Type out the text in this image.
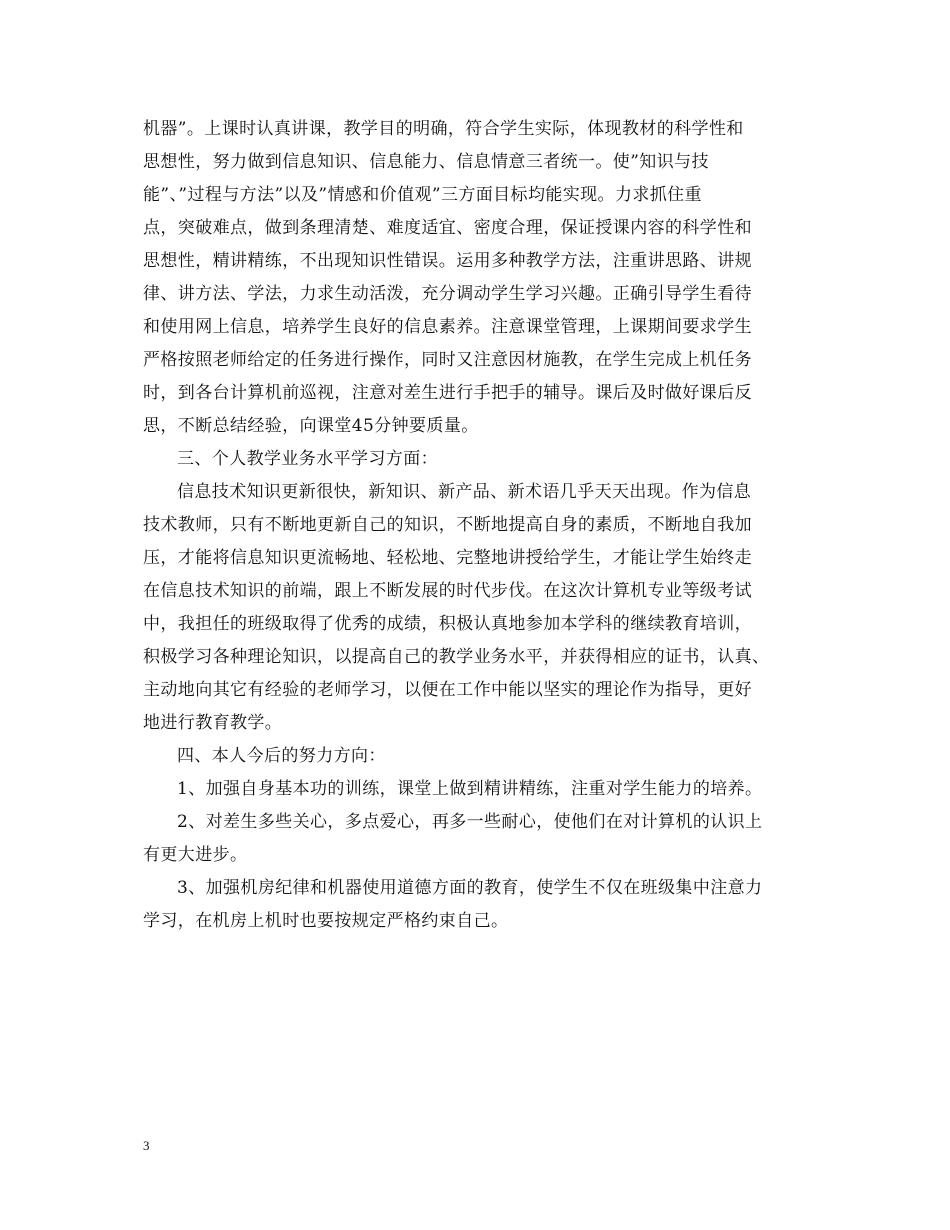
机器”。上课时认真讲课，教学目的明确，符合学生实际，体现教材的科学性和
思想性，努力做到信息知识、信息能力、信息情意三者统一。使”知识与技
能”、”过程与方法”以及”情感和价值观”三方面目标均能实现。力求抓住重
点，突破难点，做到条理清楚、难度适宜、密度合理，保证授课内容的科学性和
思想性，精讲精练，不出现知识性错误。运用多种教学方法，注重讲思路、讲规
律、讲方法、学法，力求生动活泼，充分调动学生学习兴趣。正确引导学生看待
和使用网上信息，培养学生良好的信息素养。注意课堂管理，上课期间要求学生
严格按照老师给定的任务进行操作，同时又注意因材施教，在学生完成上机任务
时，到各台计算机前巡视，注意对差生进行手把手的辅导。课后及时做好课后反
思，不断总结经验，向课堂45分钟要质量。
三、个人教学业务水平学习方面：
信息技术知识更新很快，新知识、新产品、新术语几乎天天出现。作为信息
技术教师，只有不断地更新自己的知识，不断地提高自身的素质，不断地自我加
压，才能将信息知识更流畅地、轻松地、完整地讲授给学生，才能让学生始终走
在信息技术知识的前端，跟上不断发展的时代步伐。在这次计算机专业等级考试
中，我担任的班级取得了优秀的成绩，积极认真地参加本学科的继续教育培训，
积极学习各种理论知识，以提高自己的教学业务水平，并获得相应的证书，认真、
主动地向其它有经验的老师学习，以便在工作中能以坚实的理论作为指导，更好
地进行教育教学。
四、本人今后的努力方向：
1、加强自身基本功的训练，课堂上做到精讲精练，注重对学生能力的培养。
2、对差生多些关心，多点爱心，再多一些耐心，使他们在对计算机的认识上
有更大进步。
3、加强机房纪律和机器使用道德方面的教育，使学生不仅在班级集中注意力
学习，在机房上机时也要按规定严格约束自己。
3
